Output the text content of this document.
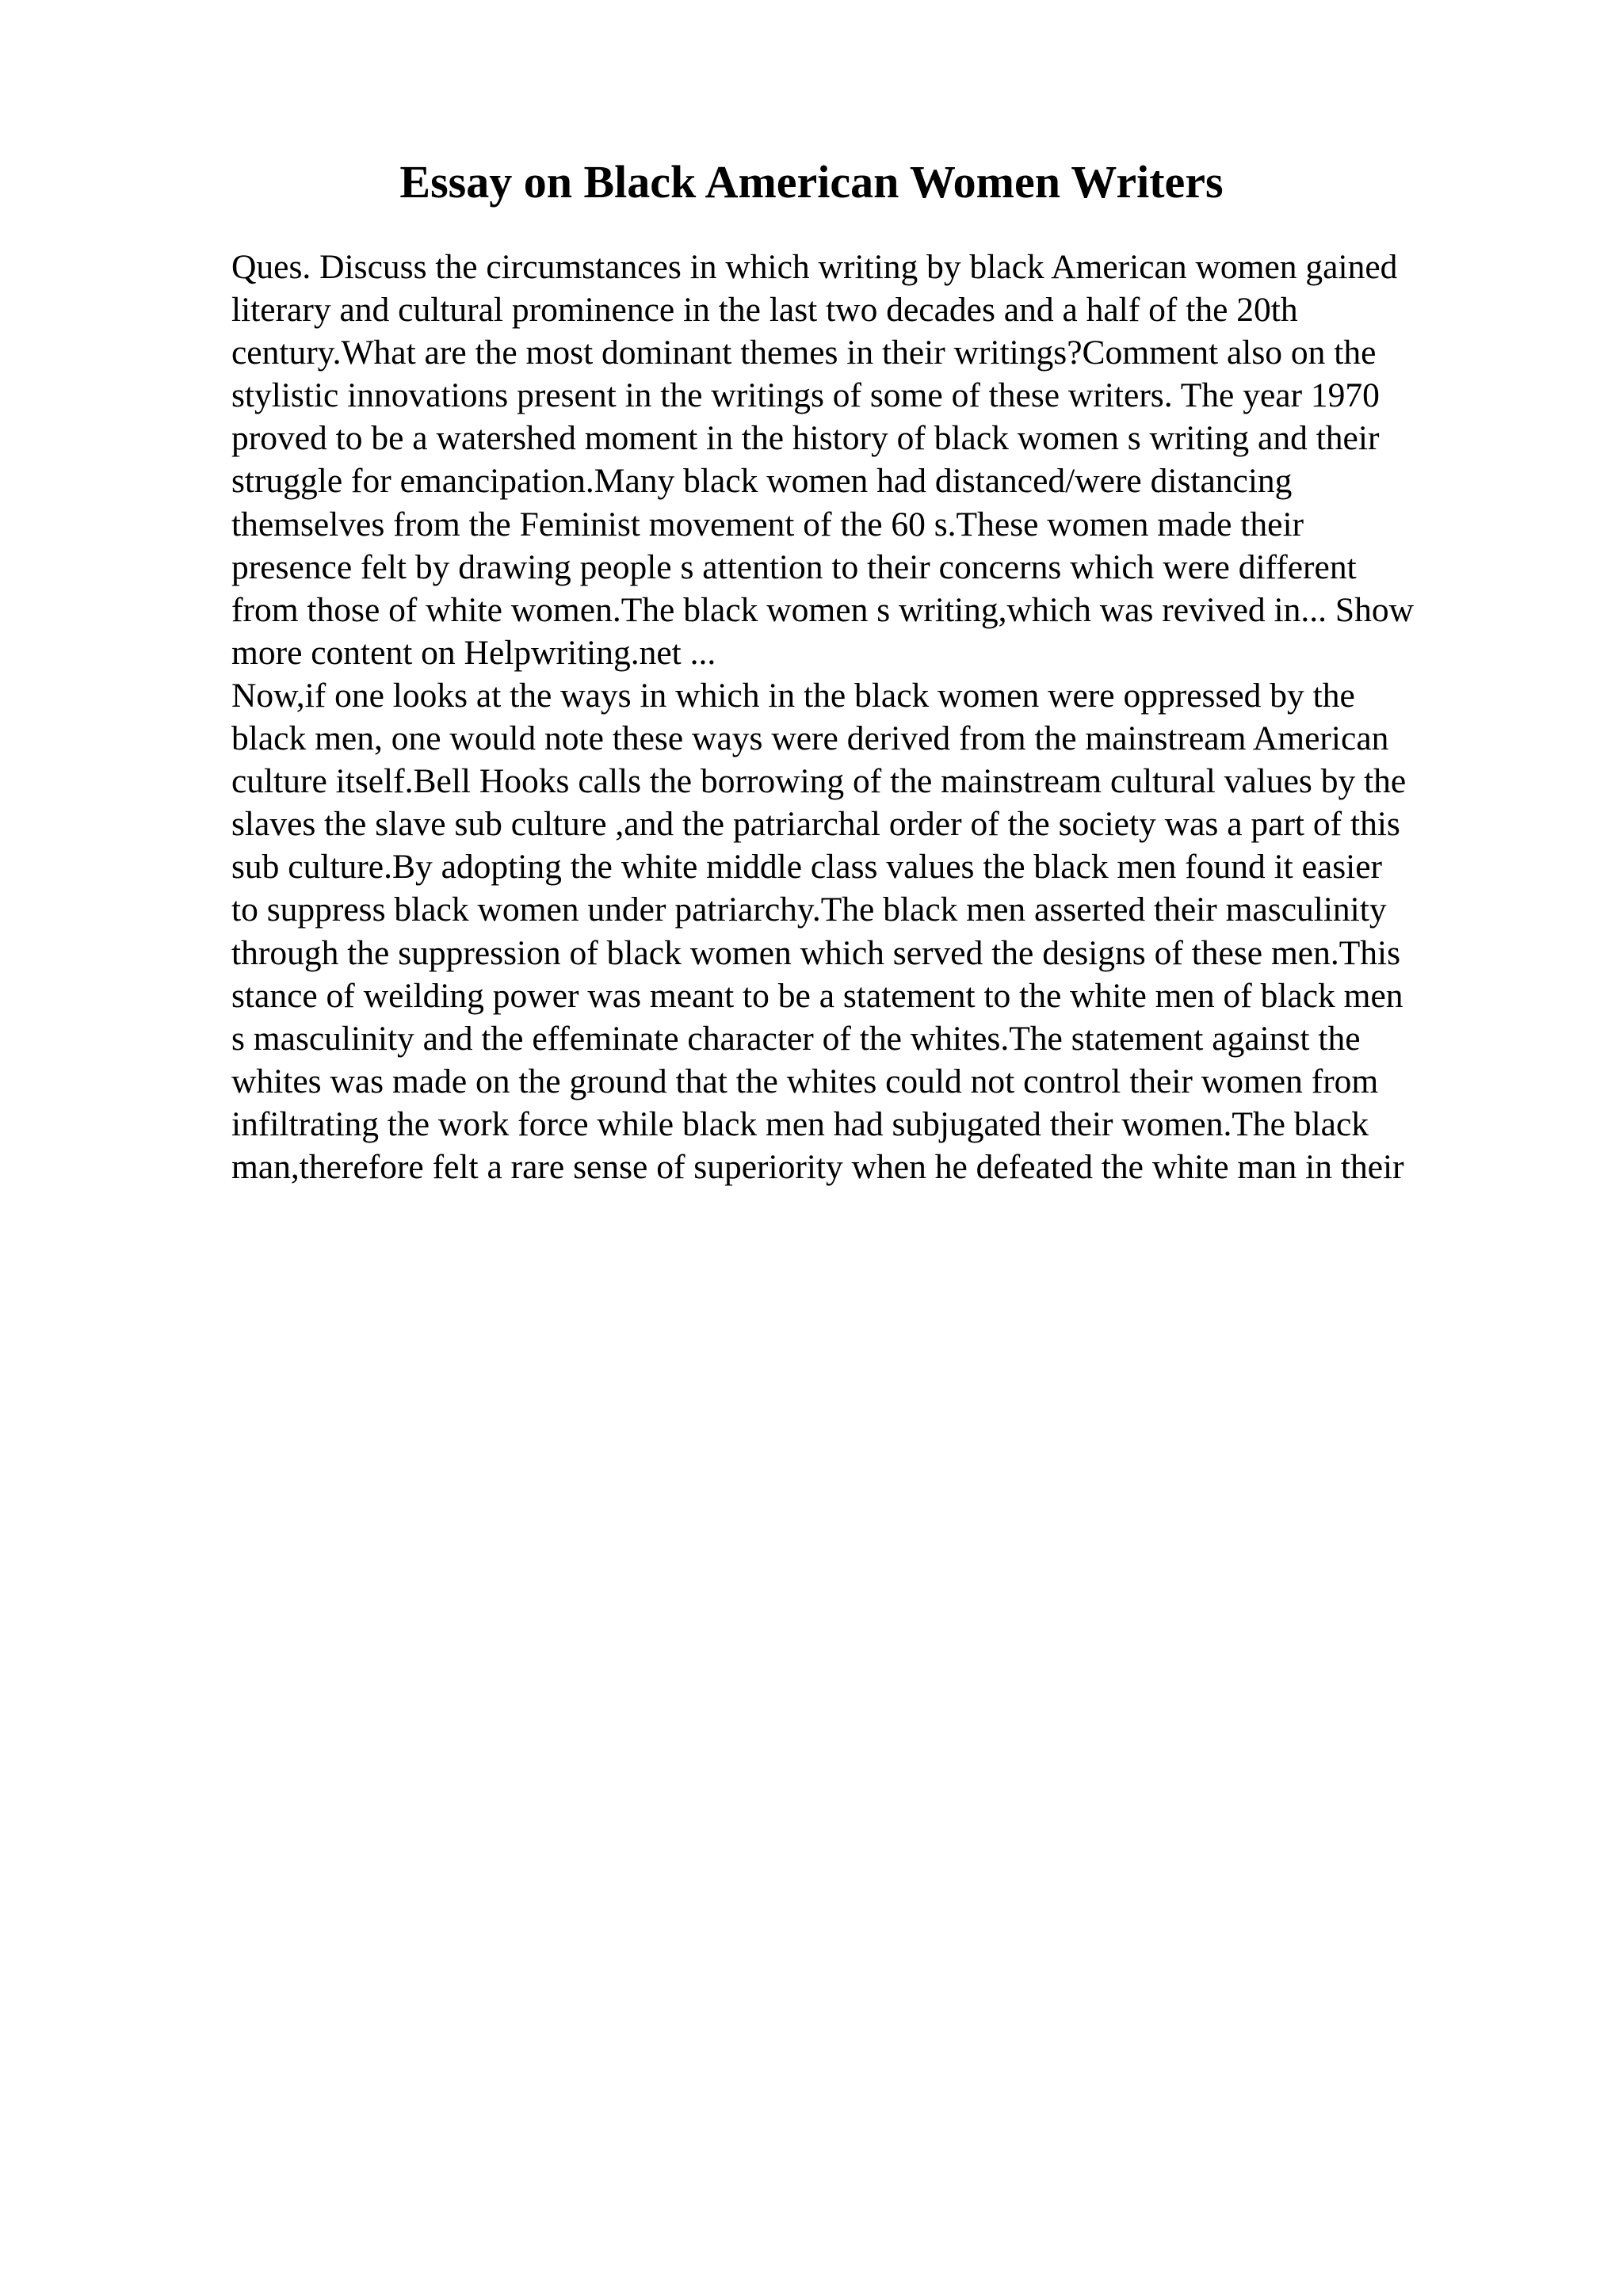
Essay on Black American Women Writers
Ques. Discuss the circumstances in which writing by black American women gained
literary and cultural prominence in the last two decades and a half of the 20th
century.What are the most dominant themes in their writings?Comment also on the
stylistic innovations present in the writings of some of these writers. The year 1970
proved to be a watershed moment in the history of black women s writing and their
struggle for emancipation.Many black women had distanced/were distancing
themselves from the Feminist movement of the 60 s.These women made their
presence felt by drawing people s attention to their concerns which were different
from those of white women.The black women s writing,which was revived in... Show
more content on Helpwriting.net ...
Now,if one looks at the ways in which in the black women were oppressed by the
black men, one would note these ways were derived from the mainstream American
culture itself.Bell Hooks calls the borrowing of the mainstream cultural values by the
slaves the slave sub culture ,and the patriarchal order of the society was a part of this
sub culture.By adopting the white middle class values the black men found it easier
to suppress black women under patriarchy.The black men asserted their masculinity
through the suppression of black women which served the designs of these men.This
stance of weilding power was meant to be a statement to the white men of black men
s masculinity and the effeminate character of the whites.The statement against the
whites was made on the ground that the whites could not control their women from
infiltrating the work force while black men had subjugated their women.The black
man,therefore felt a rare sense of superiority when he defeated the white man in their
